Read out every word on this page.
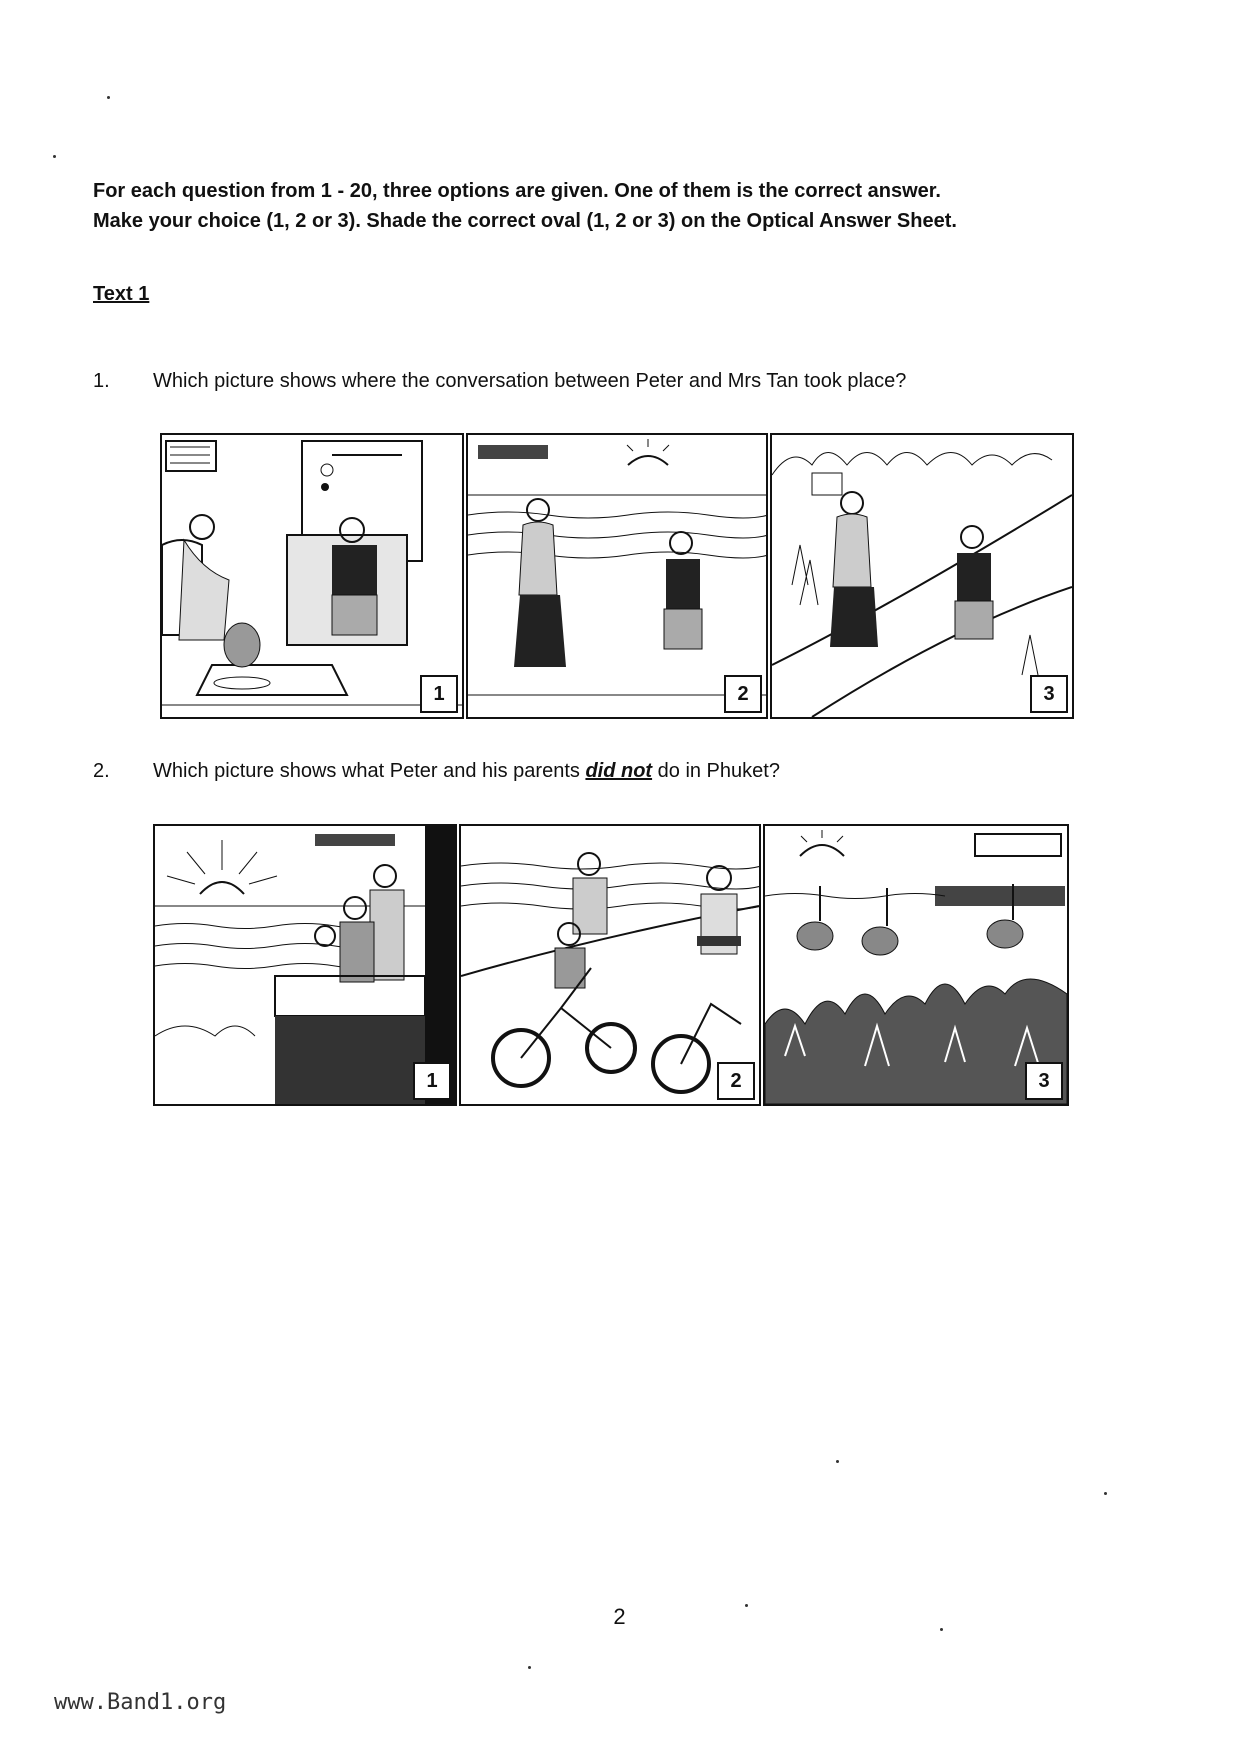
For each question from 1 - 20, three options are given. One of them is the correct answer.
Make your choice (1, 2 or 3). Shade the correct oval (1, 2 or 3) on the Optical Answer Sheet.
Text 1
1. Which picture shows where the conversation between Peter and Mrs Tan took place?
1	2	3
2. Which picture shows what Peter and his parents did not do in Phuket?
1	2	3
2
www.Band1.org
